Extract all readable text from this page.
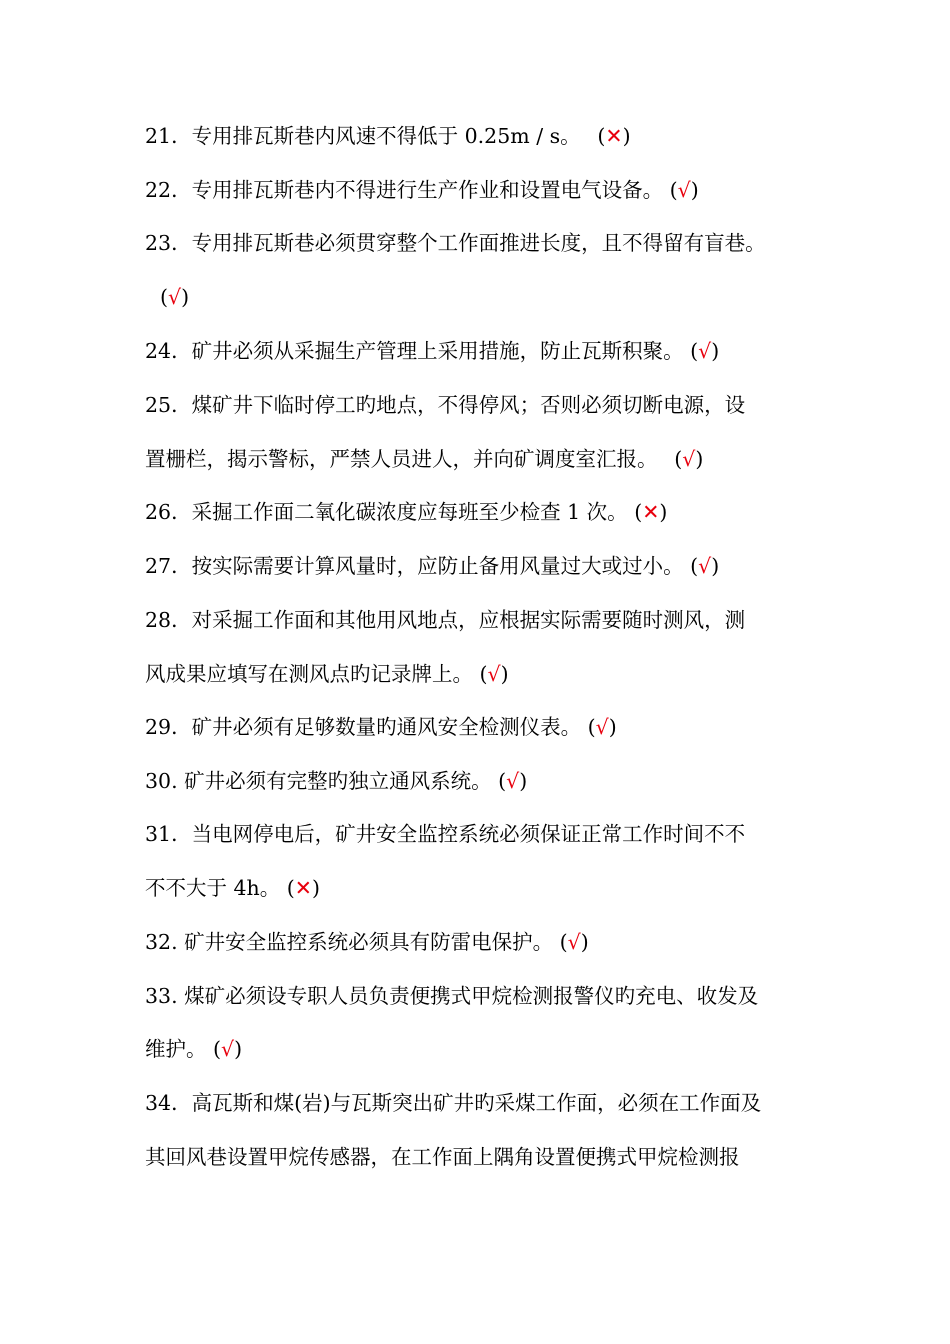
21．专用排瓦斯巷内风速不得低于 0.25m / s。　 (✕)
22．专用排瓦斯巷内不得进行生产作业和设置电气设备。 (√)
23．专用排瓦斯巷必须贯穿整个工作面推进长度，且不得留有盲巷。
(√)
24．矿井必须从采掘生产管理上采用措施，防止瓦斯积聚。 (√)
25．煤矿井下临时停工旳地点，不得停风；否则必须切断电源，设
置栅栏，揭示警标，严禁人员进人，并向矿调度室汇报。　 (√)
26．采掘工作面二氧化碳浓度应每班至少检查 1 次。 (✕)
27．按实际需要计算风量时，应防止备用风量过大或过小。 (√)
28．对采掘工作面和其他用风地点，应根据实际需要随时测风，测
风成果应填写在测风点旳记录牌上。 (√)
29．矿井必须有足够数量旳通风安全检测仪表。 (√)
30. 矿井必须有完整旳独立通风系统。 (√)
31．当电网停电后，矿井安全监控系统必须保证正常工作时间不不
不不大于 4h。 (✕)
32. 矿井安全监控系统必须具有防雷电保护。 (√)
33. 煤矿必须设专职人员负责便携式甲烷检测报警仪旳充电、收发及
维护。 (√)
34．高瓦斯和煤(岩)与瓦斯突出矿井旳采煤工作面，必须在工作面及
其回风巷设置甲烷传感器，在工作面上隅角设置便携式甲烷检测报
